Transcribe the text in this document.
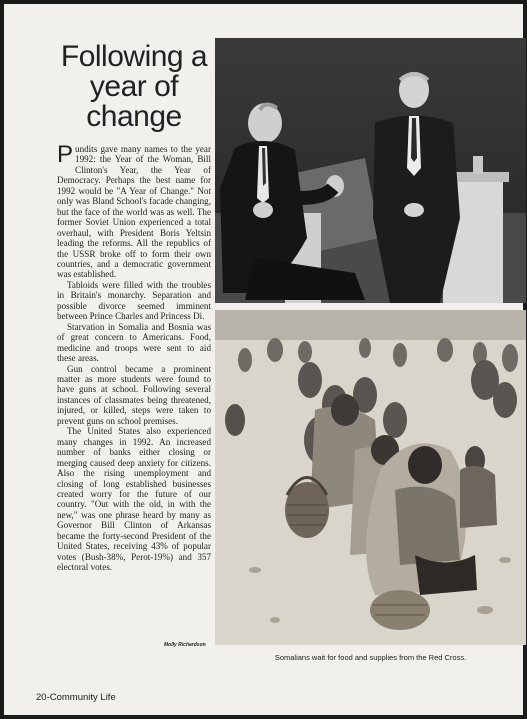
Following a
year of
change

Pundits gave many names to the year 1992: the Year of the Woman, Bill Clinton's Year, the Year of Democracy. Perhaps the best name for 1992 would be "A Year of Change." Not only was Bland School's facade changing, but the face of the world was as well. The former Soviet Union experienced a total overhaul, with President Boris Yeltsin leading the reforms. All the republics of the USSR broke off to form their own countries, and a democratic government was established.

Tabloids were filled with the troubles in Britain's monarchy. Separation and possible divorce seemed imminent between Prince Charles and Princess Di.

Starvation in Somalia and Bosnia was of great concern to Americans. Food, medicine and troops were sent to aid these areas.

Gun control became a prominent matter as more students were found to have guns at school. Following several instances of classmates being threatened, injured, or killed, steps were taken to prevent guns on school premises.

The United States also experienced many changes in 1992. An increased number of banks either closing or merging caused deep anxiety for citizens. Also the rising unemployment and closing of long established businesses created worry for the future of our country. "Out with the old, in with the new," was one phrase heard by many as Governor Bill Clinton of Arkansas became the forty-second President of the United States, receiving 43% of popular votes (Bush-38%, Perot-19%) and 357 electoral votes.

Molly Richardson
Somalians wait for food and supplies from the Red Cross.
20-Community Life
